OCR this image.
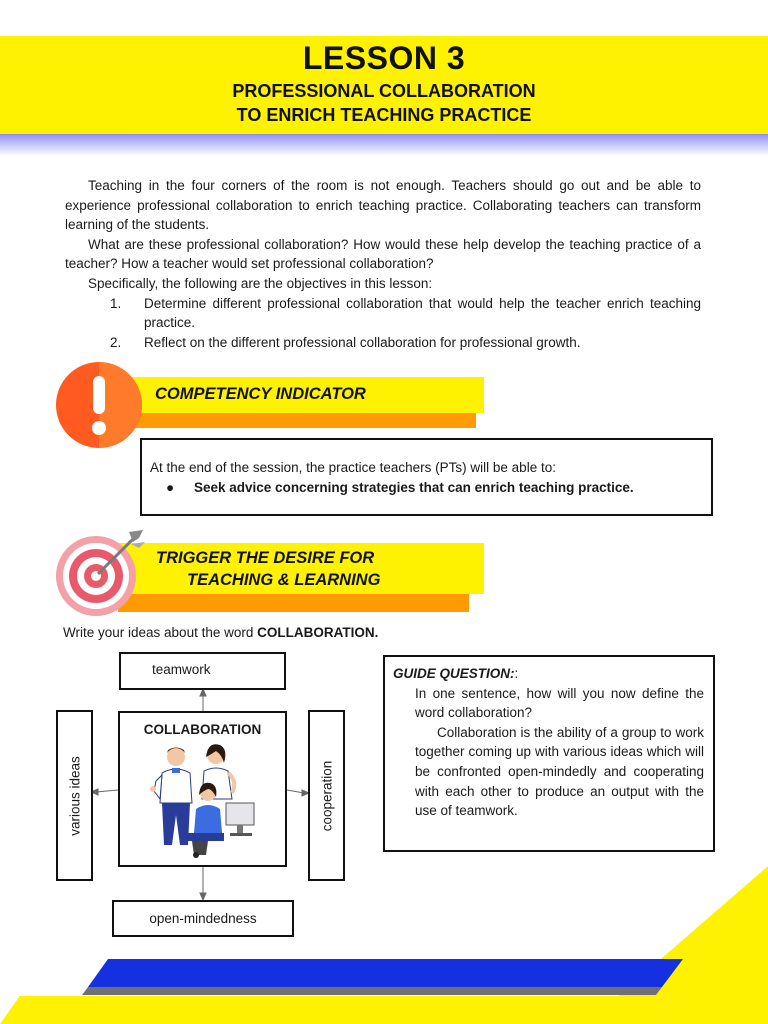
LESSON 3
PROFESSIONAL COLLABORATION
TO ENRICH TEACHING PRACTICE

Teaching in the four corners of the room is not enough. Teachers should go out and be able to experience professional collaboration to enrich teaching practice. Collaborating teachers can transform learning of the students.

What are these professional collaboration? How would these help develop the teaching practice of a teacher? How a teacher would set professional collaboration?

Specifically, the following are the objectives in this lesson:

1. Determine different professional collaboration that would help the teacher enrich teaching practice.
2. Reflect on the different professional collaboration for professional growth.
COMPETENCY INDICATOR
At the end of the session, the practice teachers (PTs) will be able to:
● Seek advice concerning strategies that can enrich teaching practice.
TRIGGER THE DESIRE FOR
TEACHING & LEARNING
Write your ideas about the word COLLABORATION.
teamwork
various ideas	cooperation
open-mindedness
COLLABORATION
GUIDE QUESTION::
In one sentence, how will you now define the word collaboration?
Collaboration is the ability of a group to work together coming up with various ideas which will be confronted open-mindedly and cooperating with each other to produce an output with the use of teamwork.
